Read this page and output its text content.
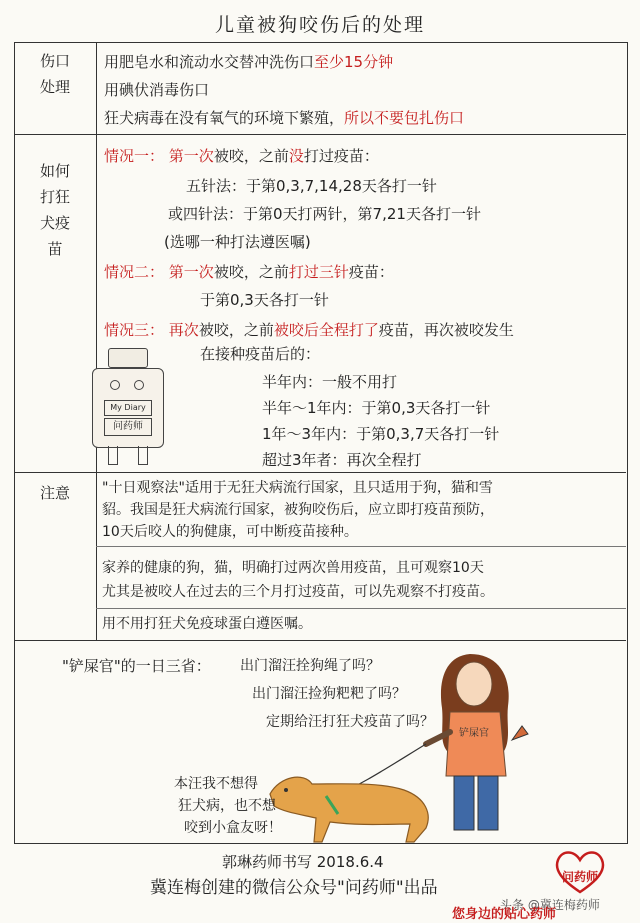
儿童被狗咬伤后的处理
伤口
处理
用肥皂水和流动水交替冲洗伤口至少15分钟
用碘伏消毒伤口
狂犬病毒在没有氧气的环境下繁殖，所以不要包扎伤口
如何
打狂
犬疫
苗
情况一： 第一次被咬，之前没打过疫苗：
五针法：于第0,3,7,14,28天各打一针
或四针法：于第0天打两针，第7,21天各打一针
(选哪一种打法遵医嘱)
情况二： 第一次被咬，之前打过三针疫苗：
于第0,3天各打一针
情况三： 再次被咬，之前被咬后全程打了疫苗，再次被咬发生
在接种疫苗后的：
半年内：一般不用打
半年～1年内：于第0,3天各打一针
1年～3年内：于第0,3,7天各打一针
超过3年者：再次全程打
My Diary
问药师
注意	"十日观察法"适用于无狂犬病流行国家，且只适用于狗，猫和雪
貂。我国是狂犬病流行国家，被狗咬伤后，应立即打疫苗预防，
10天后咬人的狗健康，可中断疫苗接种。
家养的健康的狗，猫，明确打过两次兽用疫苗，且可观察10天
尤其是被咬人在过去的三个月打过疫苗，可以先观察不打疫苗。
用不用打狂犬免疫球蛋白遵医嘱。
"铲屎官"的一日三省： 出门溜汪拴狗绳了吗？
出门溜汪捡狗粑粑了吗？
定期给汪打狂犬疫苗了吗？
铲屎官
本汪我不想得
狂犬病，也不想
咬到小盒友呀！
郭琳药师书写 2018.6.4
冀连梅创建的微信公众号"问药师"出品
问药师
头条 @冀连梅药师
您身边的贴心药师
